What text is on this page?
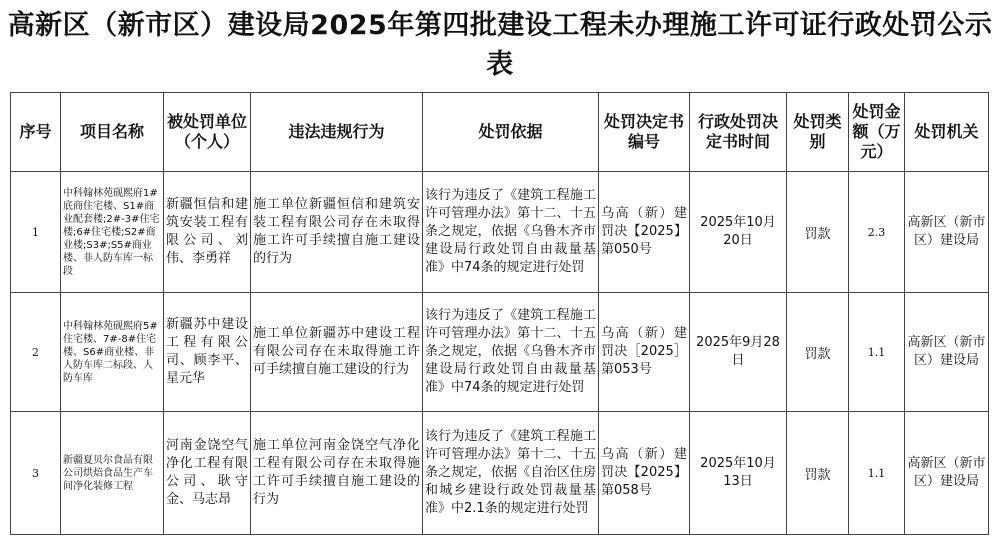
高新区（新市区）建设局2025年第四批建设工程未办理施工许可证行政处罚公示表
序号	项目名称	被处罚单位（个人）	违法违规行为	处罚依据	处罚决定书编号	行政处罚决定书时间	处罚类别	处罚金额（万元）	处罚机关
1	中科翰林苑砚熙府1#底商住宅楼、S1#商业配套楼;2#-3#住宅楼;6#住宅楼;S2#商业楼;S3#;S5#商业楼、非人防车库一标段	新疆恒信和建筑安装工程有限公司、刘伟、李勇祥	施工单位新疆恒信和建筑安装工程有限公司存在未取得施工许可手续擅自施工建设的行为	该行为违反了《建筑工程施工许可管理办法》第十二、十五条之规定，依据《乌鲁木齐市建设局行政处罚自由裁量基准》中74条的规定进行处罚	乌高（新）建罚决【2025】第050号	2025年10月20日	罚款	2.3	高新区（新市区）建设局
2	中科翰林苑砚熙府5#住宅楼、7#-8#住宅楼、S6#商业楼、非人防车库二标段、人防车库	新疆苏中建设工程有限公司、顾李平、星元华	施工单位新疆苏中建设工程有限公司存在未取得施工许可手续擅自施工建设的行为	该行为违反了《建筑工程施工许可管理办法》第十二、十五条之规定，依据《乌鲁木齐市建设局行政处罚自由裁量基准》中74条的规定进行处罚	乌高（新）建罚决［2025］第053号	2025年9月28日	罚款	1.1	高新区（新市区）建设局
3	新疆夏贝尔食品有限公司烘焙食品生产车间净化装修工程	河南金饶空气净化工程有限公司、耿守金、马志昂	施工单位河南金饶空气净化工程有限公司存在未取得施工许可手续擅自施工建设的行为	该行为违反了《建筑工程施工许可管理办法》第十二、十五条之规定，依据《自治区住房和城乡建设行政处罚裁量基准》中2.1条的规定进行处罚	乌高（新）建罚决【2025】第058号	2025年10月13日	罚款	1.1	高新区（新市区）建设局
